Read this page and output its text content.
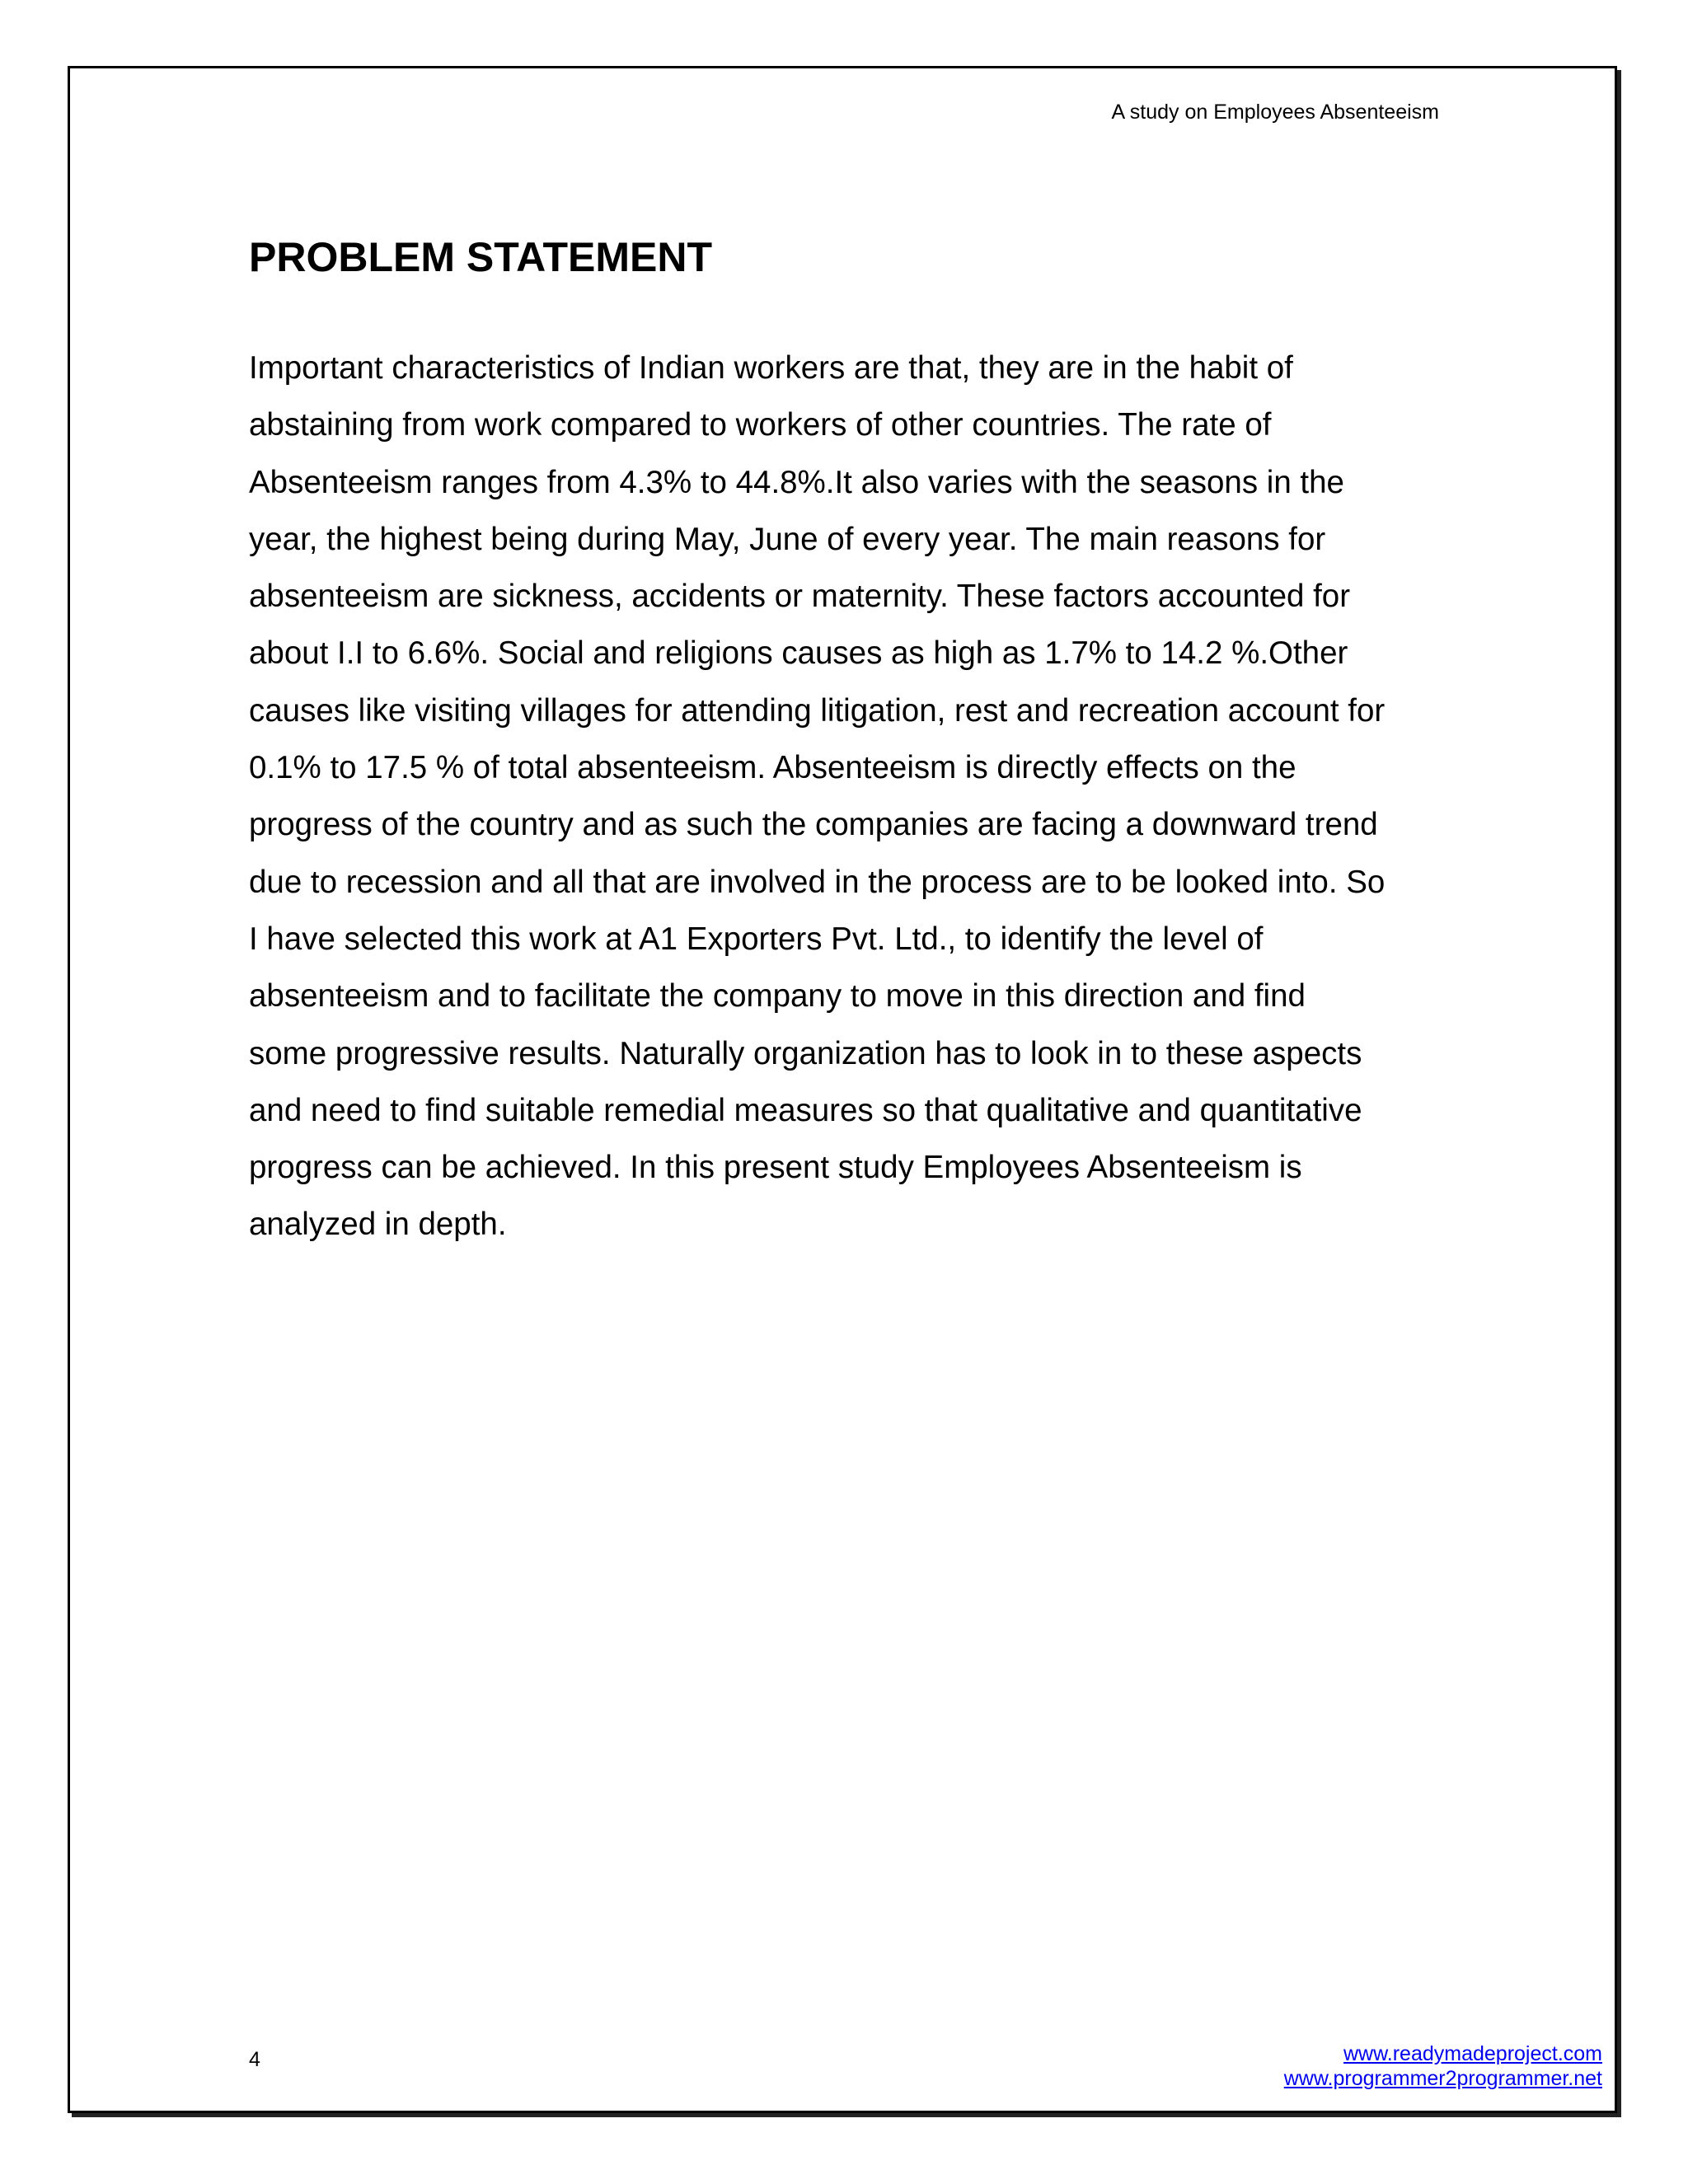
A study on Employees Absenteeism
PROBLEM STATEMENT

Important characteristics of Indian workers are that, they are in the habit of
abstaining from work compared to workers of other countries. The rate of
Absenteeism ranges from 4.3% to 44.8%.It also varies with the seasons in the
year, the highest being during May, June of every year. The main reasons for
absenteeism are sickness, accidents or maternity. These factors accounted for
about I.I to 6.6%. Social and religions causes as high as 1.7% to 14.2 %.Other
causes like visiting villages for attending litigation, rest and recreation account for
0.1% to 17.5 % of total absenteeism. Absenteeism is directly effects on the
progress of the country and as such the companies are facing a downward trend
due to recession and all that are involved in the process are to be looked into. So
I have selected this work at A1 Exporters Pvt. Ltd., to identify the level of
absenteeism and to facilitate the company to move in this direction and find
some progressive results. Naturally organization has to look in to these aspects
and need to find suitable remedial measures so that qualitative and quantitative
progress can be achieved. In this present study Employees Absenteeism is
analyzed in depth.

4	www.readymadeproject.com
www.programmer2programmer.net
